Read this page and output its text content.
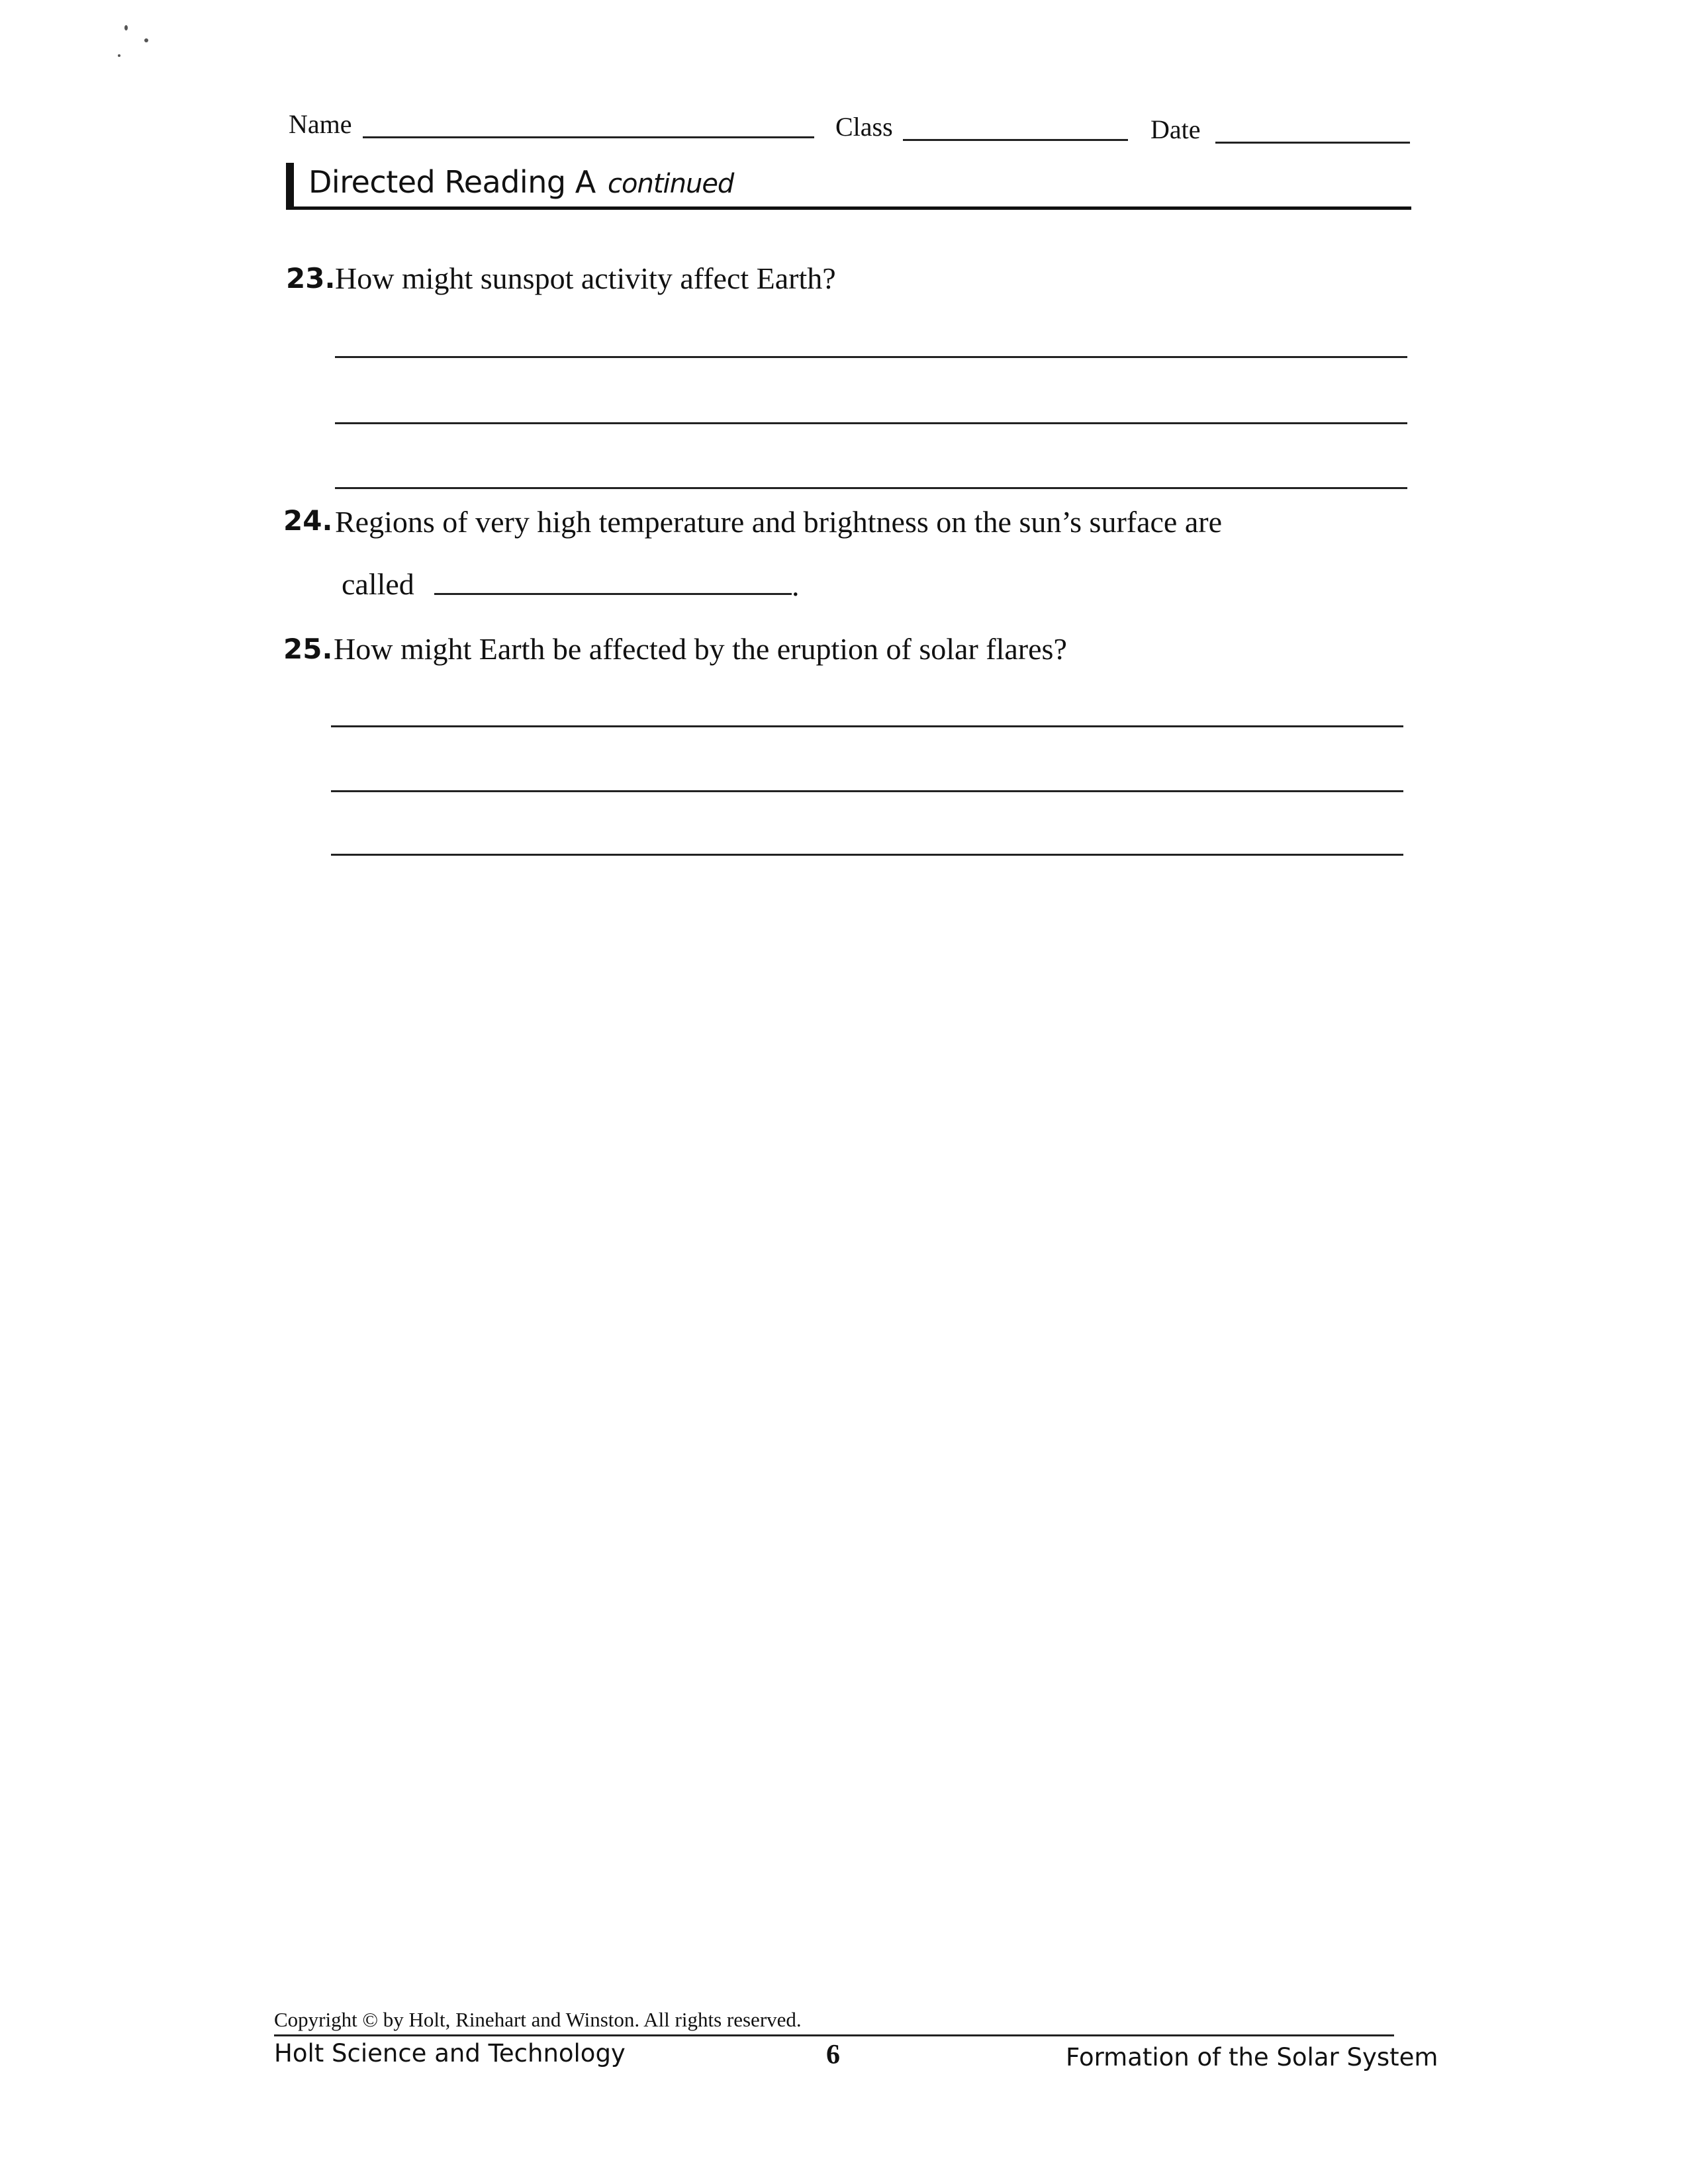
Name	Class	Date
Directed Reading A continued
23. How might sunspot activity affect Earth?
24. Regions of very high temperature and brightness on the sun’s surface are
called	.
25. How might Earth be affected by the eruption of solar flares?
Copyright © by Holt, Rinehart and Winston. All rights reserved.
Holt Science and Technology	6	Formation of the Solar System
